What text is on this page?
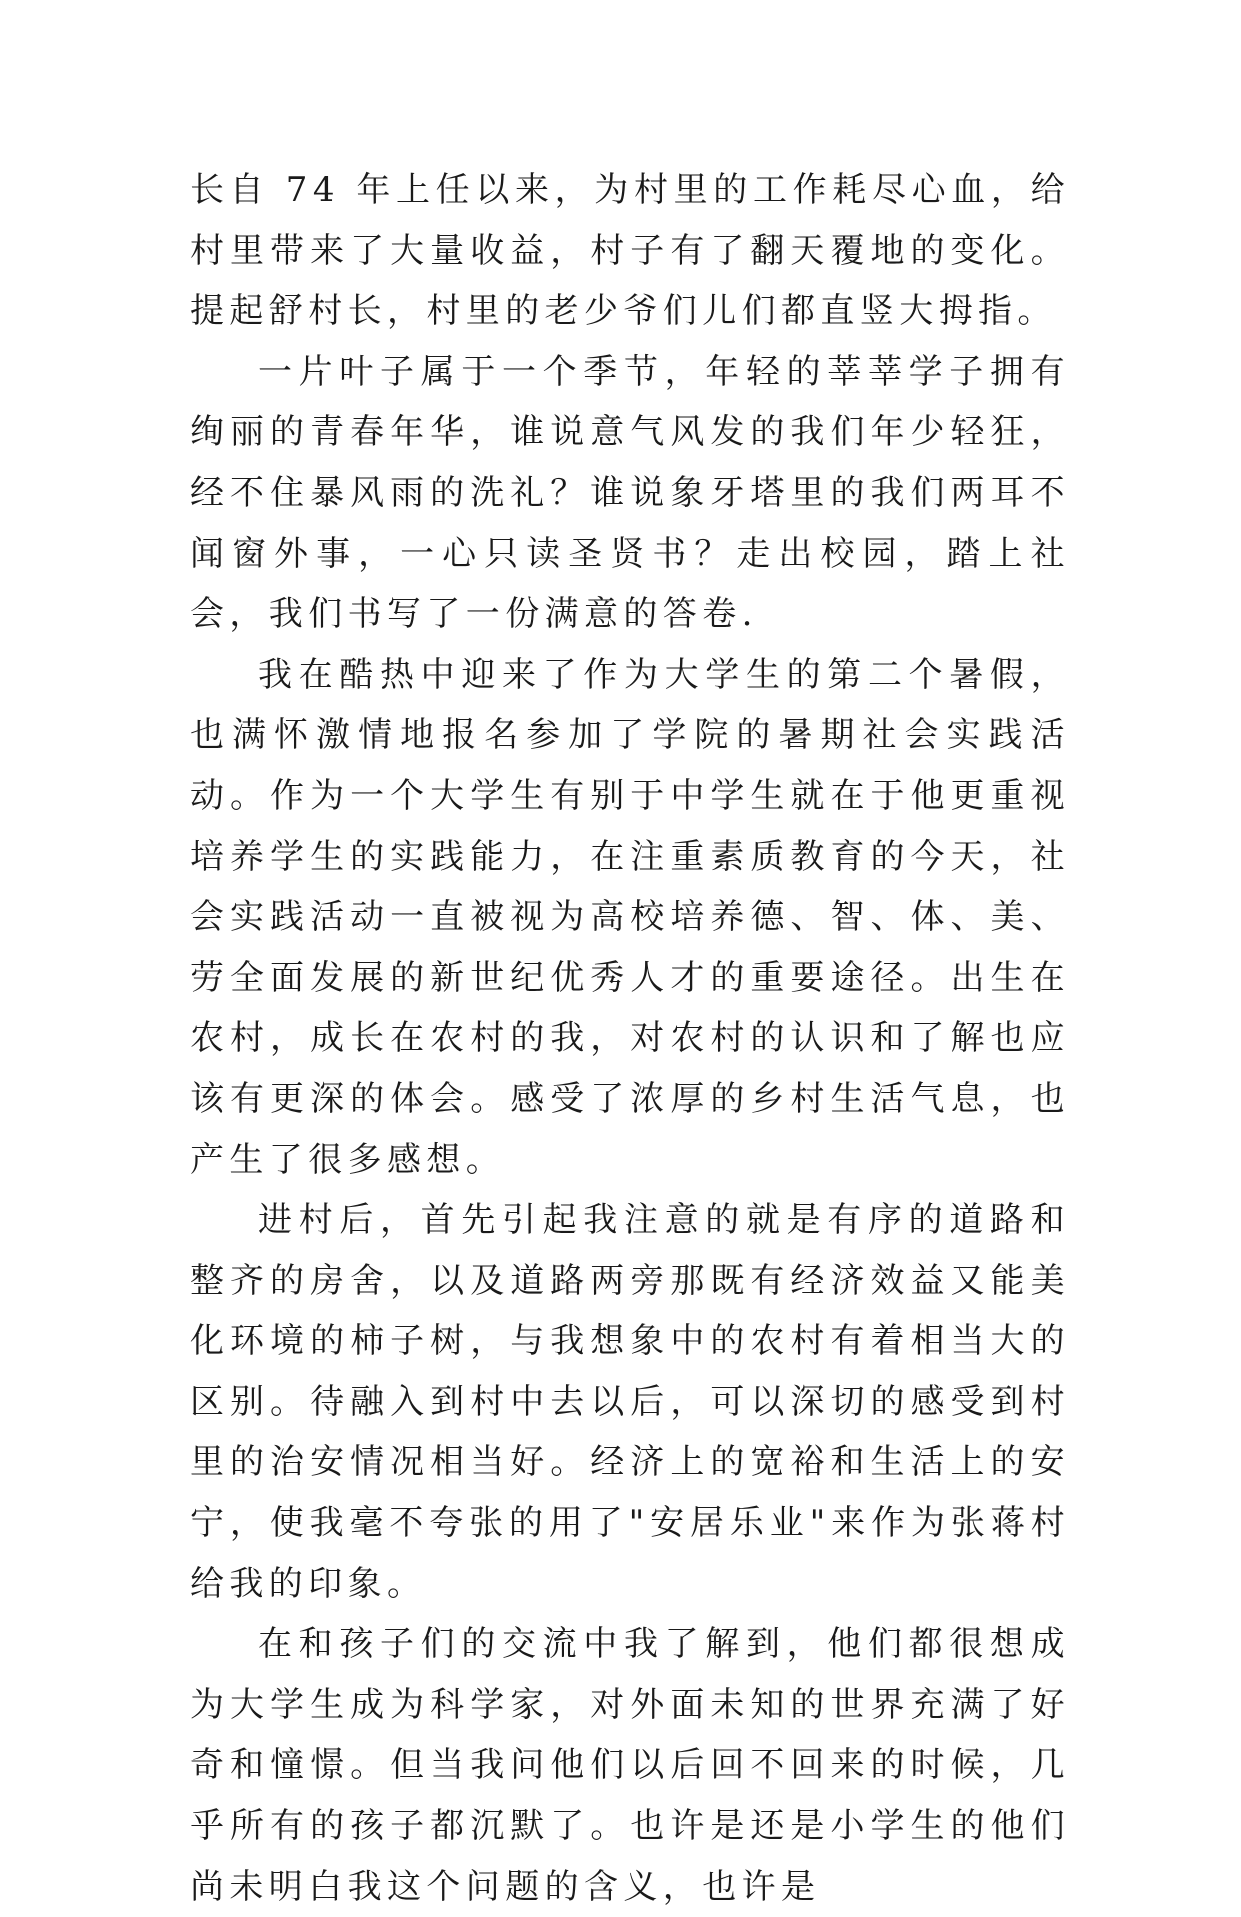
长自 74 年上任以来，为村里的工作耗尽心血，给村里带来了大量收益，村子有了翻天覆地的变化。提起舒村长，村里的老少爷们儿们都直竖大拇指。

一片叶子属于一个季节，年轻的莘莘学子拥有绚丽的青春年华，谁说意气风发的我们年少轻狂，经不住暴风雨的洗礼？谁说象牙塔里的我们两耳不闻窗外事，一心只读圣贤书？走出校园，踏上社会，我们书写了一份满意的答卷.

我在酷热中迎来了作为大学生的第二个暑假，也满怀激情地报名参加了学院的暑期社会实践活动。作为一个大学生有别于中学生就在于他更重视培养学生的实践能力，在注重素质教育的今天，社会实践活动一直被视为高校培养德、智、体、美、劳全面发展的新世纪优秀人才的重要途径。出生在农村，成长在农村的我，对农村的认识和了解也应该有更深的体会。感受了浓厚的乡村生活气息，也产生了很多感想。

进村后，首先引起我注意的就是有序的道路和整齐的房舍，以及道路两旁那既有经济效益又能美化环境的柿子树，与我想象中的农村有着相当大的区别。待融入到村中去以后，可以深切的感受到村里的治安情况相当好。经济上的宽裕和生活上的安宁，使我毫不夸张的用了"安居乐业"来作为张蒋村给我的印象。

在和孩子们的交流中我了解到，他们都很想成为大学生成为科学家，对外面未知的世界充满了好奇和憧憬。但当我问他们以后回不回来的时候，几乎所有的孩子都沉默了。也许是还是小学生的他们尚未明白我这个问题的含义，也许是
